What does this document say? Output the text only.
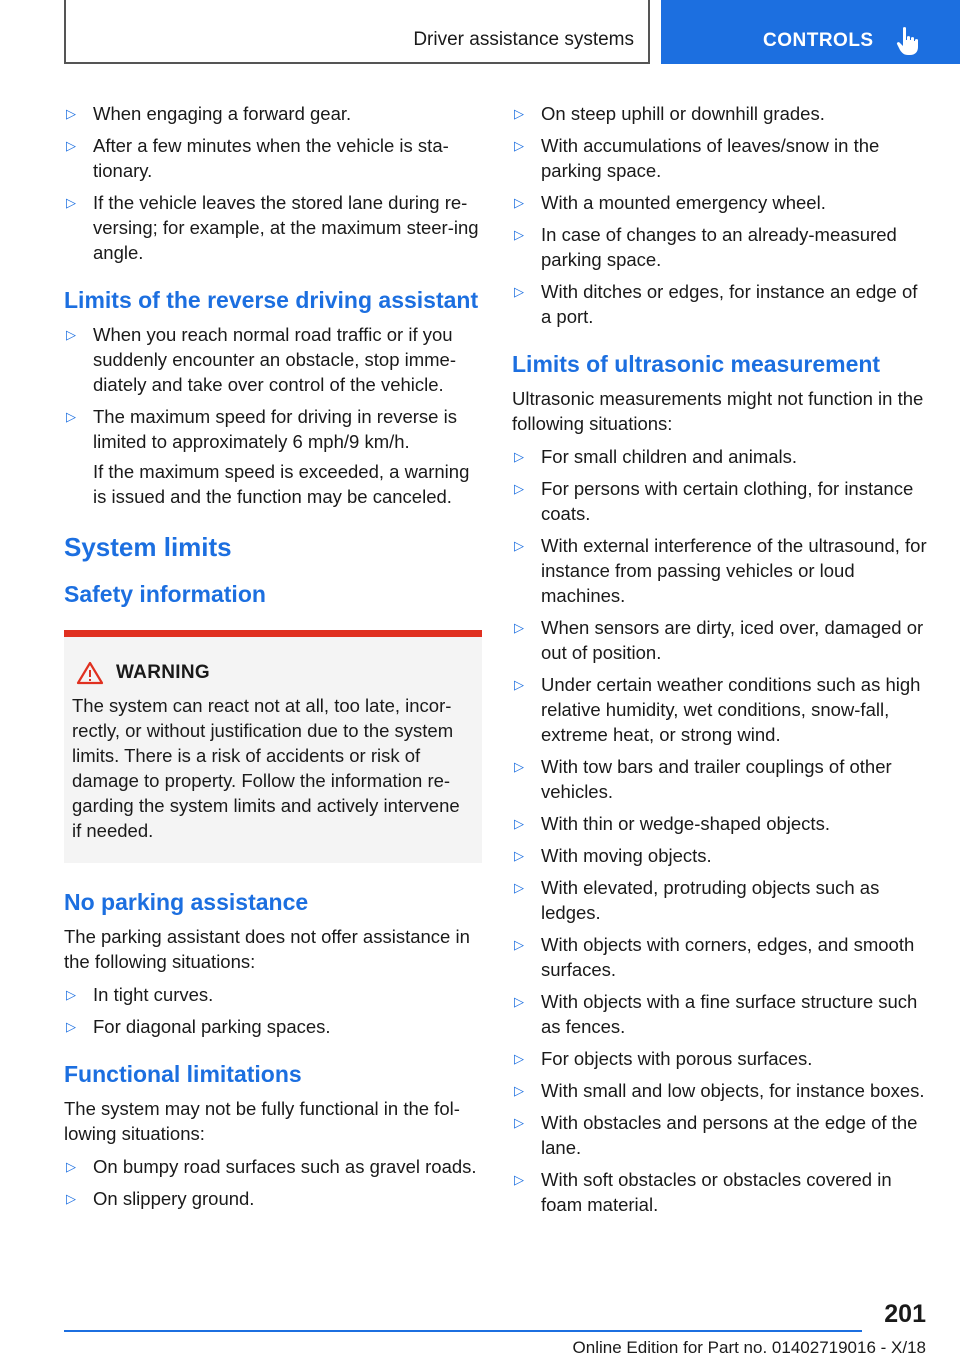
Driver assistance systems	CONTROLS
▷ When engaging a forward gear.
▷ After a few minutes when the vehicle is sta‐tionary.
▷ If the vehicle leaves the stored lane during re‐versing; for example, at the maximum steer‐ing angle.
Limits of the reverse driving assistant
▷ When you reach normal road traffic or if you suddenly encounter an obstacle, stop imme‐diately and take over control of the vehicle.
▷ The maximum speed for driving in reverse is limited to approximately 6 mph/9 km/h.
If the maximum speed is exceeded, a warning is issued and the function may be canceled.
System limits
Safety information
WARNING
The system can react not at all, too late, incor‐rectly, or without justification due to the system limits. There is a risk of accidents or risk of damage to property. Follow the information re‐garding the system limits and actively intervene if needed.
No parking assistance

The parking assistant does not offer assistance in the following situations:

▷ In tight curves.
▷ For diagonal parking spaces.
Functional limitations

The system may not be fully functional in the fol‐lowing situations:

▷ On bumpy road surfaces such as gravel roads.
▷ On slippery ground.
▷ On steep uphill or downhill grades.
▷ With accumulations of leaves/snow in the parking space.
▷ With a mounted emergency wheel.
▷ In case of changes to an already-measured parking space.
▷ With ditches or edges, for instance an edge of a port.
Limits of ultrasonic measurement

Ultrasonic measurements might not function in the following situations:

▷ For small children and animals.
▷ For persons with certain clothing, for instance coats.
▷ With external interference of the ultrasound, for instance from passing vehicles or loud machines.
▷ When sensors are dirty, iced over, damaged or out of position.
▷ Under certain weather conditions such as high relative humidity, wet conditions, snow‐fall, extreme heat, or strong wind.
▷ With tow bars and trailer couplings of other vehicles.
▷ With thin or wedge-shaped objects.
▷ With moving objects.
▷ With elevated, protruding objects such as ledges.
▷ With objects with corners, edges, and smooth surfaces.
▷ With objects with a fine surface structure such as fences.
▷ For objects with porous surfaces.
▷ With small and low objects, for instance boxes.
▷ With obstacles and persons at the edge of the lane.
▷ With soft obstacles or obstacles covered in foam material.
201
Online Edition for Part no. 01402719016 - X/18
